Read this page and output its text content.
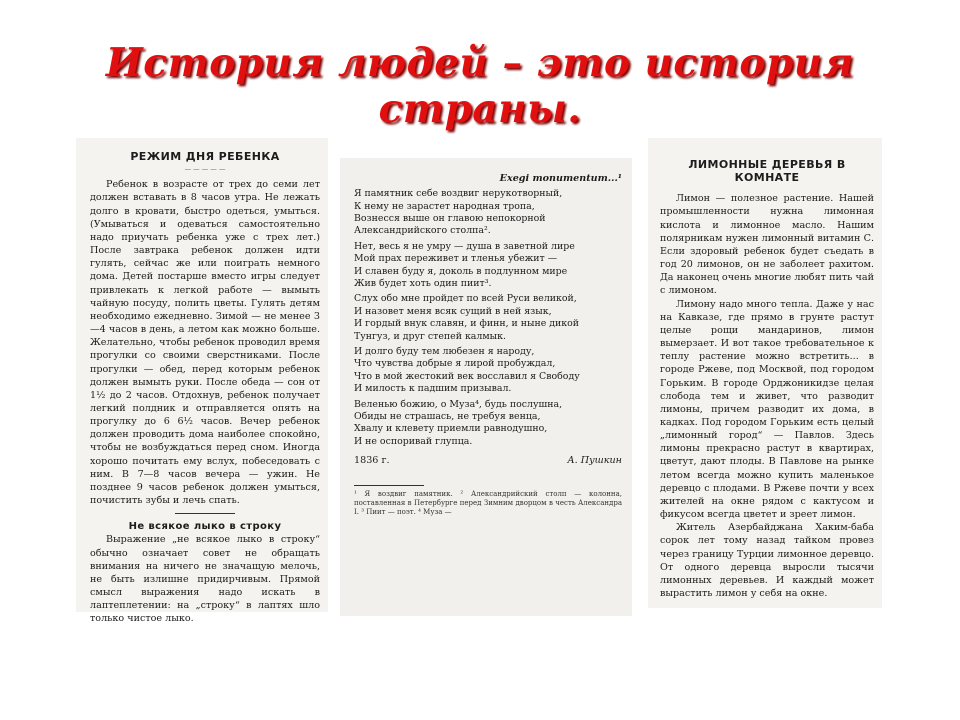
История людей – это история страны.

РЕЖИМ ДНЯ РЕБЕНКА

— — — — —

Ребенок в возрасте от трех до семи лет должен вставать в 8 часов утра. Не лежать долго в кровати, быстро одеться, умыться. (Умываться и одеваться самостоятельно надо приучать ребенка уже с трех лет.) После завтрака ребенок должен идти гулять, сейчас же или поиграть немного дома. Детей постарше вместо игры следует привлекать к легкой работе — вымыть чайную посуду, полить цветы. Гулять детям необходимо ежедневно. Зимой — не менее 3—4 часов в день, а летом как можно больше. Желательно, чтобы ребенок проводил время прогулки со своими сверстниками. После прогулки — обед, перед которым ребенок должен вымыть руки. После обеда — сон от 1½ до 2 часов. Отдохнув, ребенок получает легкий полдник и отправляется опять на прогулку до 6 6½ часов. Вечер ребенок должен проводить дома наиболее спокойно, чтобы не возбуждаться перед сном. Иногда хорошо почитать ему вслух, побеседовать с ним. В 7—8 часов вечера — ужин. Не позднее 9 часов ребенок должен умыться, почистить зубы и лечь спать.

Не всякое лыко в строку

Выражение „не всякое лыко в строку“ обычно означает совет не обращать внимания на ничего не значащую мелочь, не быть излишне придирчивым. Прямой смысл выражения надо искать в лаптеплетении: на „строку“ в лаптях шло только чистое лыко.

Exegi monumentum...¹

Я памятник себе воздвиг нерукотворный,

К нему не зарастет народная тропа,

Вознесся выше он главою непокорной

Александрийского столпа².

Нет, весь я не умру — душа в заветной лире

Мой прах переживет и тленья убежит —

И славен буду я, доколь в подлунном мире

Жив будет хоть один пиит³.

Слух обо мне пройдет по всей Руси великой,

И назовет меня всяк сущий в ней язык,

И гордый внук славян, и финн, и ныне дикой

Тунгуз, и друг степей калмык.

И долго буду тем любезен я народу,

Что чувства добрые я лирой пробуждал,

Что в мой жестокий век восславил я Свободу

И милость к падшим призывал.

Веленью божию, о Муза⁴, будь послушна,

Обиды не страшась, не требуя венца,

Хвалу и клевету приемли равнодушно,

И не оспоривай глупца.

1836 г.	А. Пушкин

¹ Я воздвиг памятник. ² Александрийский столп — колонна, поставленная в Петербурге перед Зимним дворцом в честь Александра I. ³ Пиит — поэт. ⁴ Муза —

ЛИМОННЫЕ ДЕРЕВЬЯ В КОМНАТЕ

Лимон — полезное растение. Нашей промышленности нужна лимонная кислота и лимонное масло. Нашим полярникам нужен лимонный витамин С. Если здоровый ребенок будет съедать в год 20 лимонов, он не заболеет рахитом. Да наконец очень многие любят пить чай с лимоном.

Лимону надо много тепла. Даже у нас на Кавказе, где прямо в грунте растут целые рощи мандаринов, лимон вымерзает. И вот такое требовательное к теплу растение можно встретить... в городе Ржеве, под Москвой, под городом Горьким. В городе Орджоникидзе целая слобода тем и живет, что разводит лимоны, причем разводит их дома, в кадках. Под городом Горьким есть целый „лимонный город“ — Павлов. Здесь лимоны прекрасно растут в квартирах, цветут, дают плоды. В Павлове на рынке летом всегда можно купить маленькое деревцо с плодами. В Ржеве почти у всех жителей на окне рядом с кактусом и фикусом всегда цветет и зреет лимон.

Житель Азербайджана Хаким-баба сорок лет тому назад тайком провез через границу Турции лимонное деревцо. От одного деревца выросли тысячи лимонных деревьев. И каждый может вырастить лимон у себя на окне.
